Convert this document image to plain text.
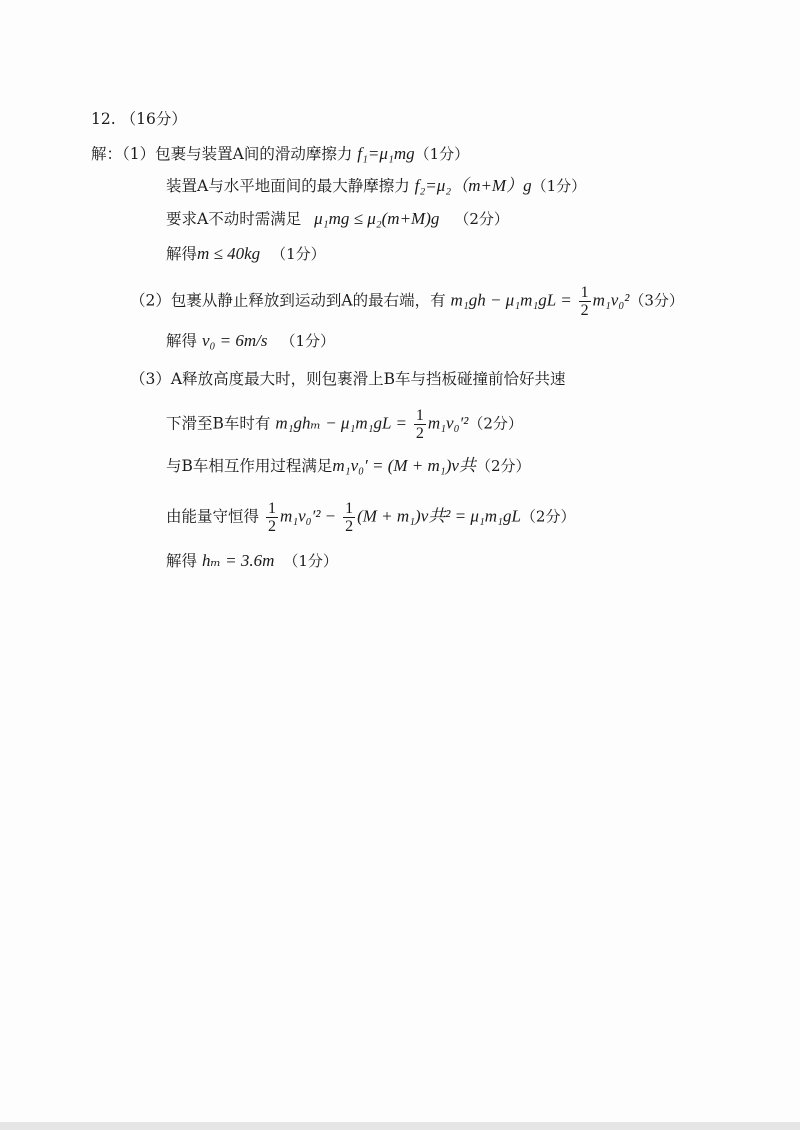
12. （16分）
解：（1）包裹与装置A间的滑动摩擦力 f₁=μ₁mg（1分）
装置A与水平地面间的最大静摩擦力 f₂=μ₂（m+M）g（1分）
要求A不动时需满足 μ₁mg ≤ μ₂(m+M)g （2分）
解得m ≤ 40kg （1分）
（2）包裹从静止释放到运动到A的最右端，有 $m_1gh - \mu_1m_1gL = \frac{1}{2} m_1v_0^2(3$分）
解得 v₀ = 6m/s （1分）
（3）A释放高度最大时，则包裹滑上B车与挡板碰撞前恰好共速
下滑至B车时有 $m_1gh_m - \mu_1m_1gL = \frac{1}{2} m_1v_0'^2(2$分）
与B车相互作用过程满足m₁v₀′ = (M + m₁)v共（2分）
由能量守恒得 $\frac{1}{2} m_1v_0'^2 - \frac{1}{2} (M + m_1)v$共² = μ₁m₁gL（2分）
解得 hₘ = 3.6m （1分）
